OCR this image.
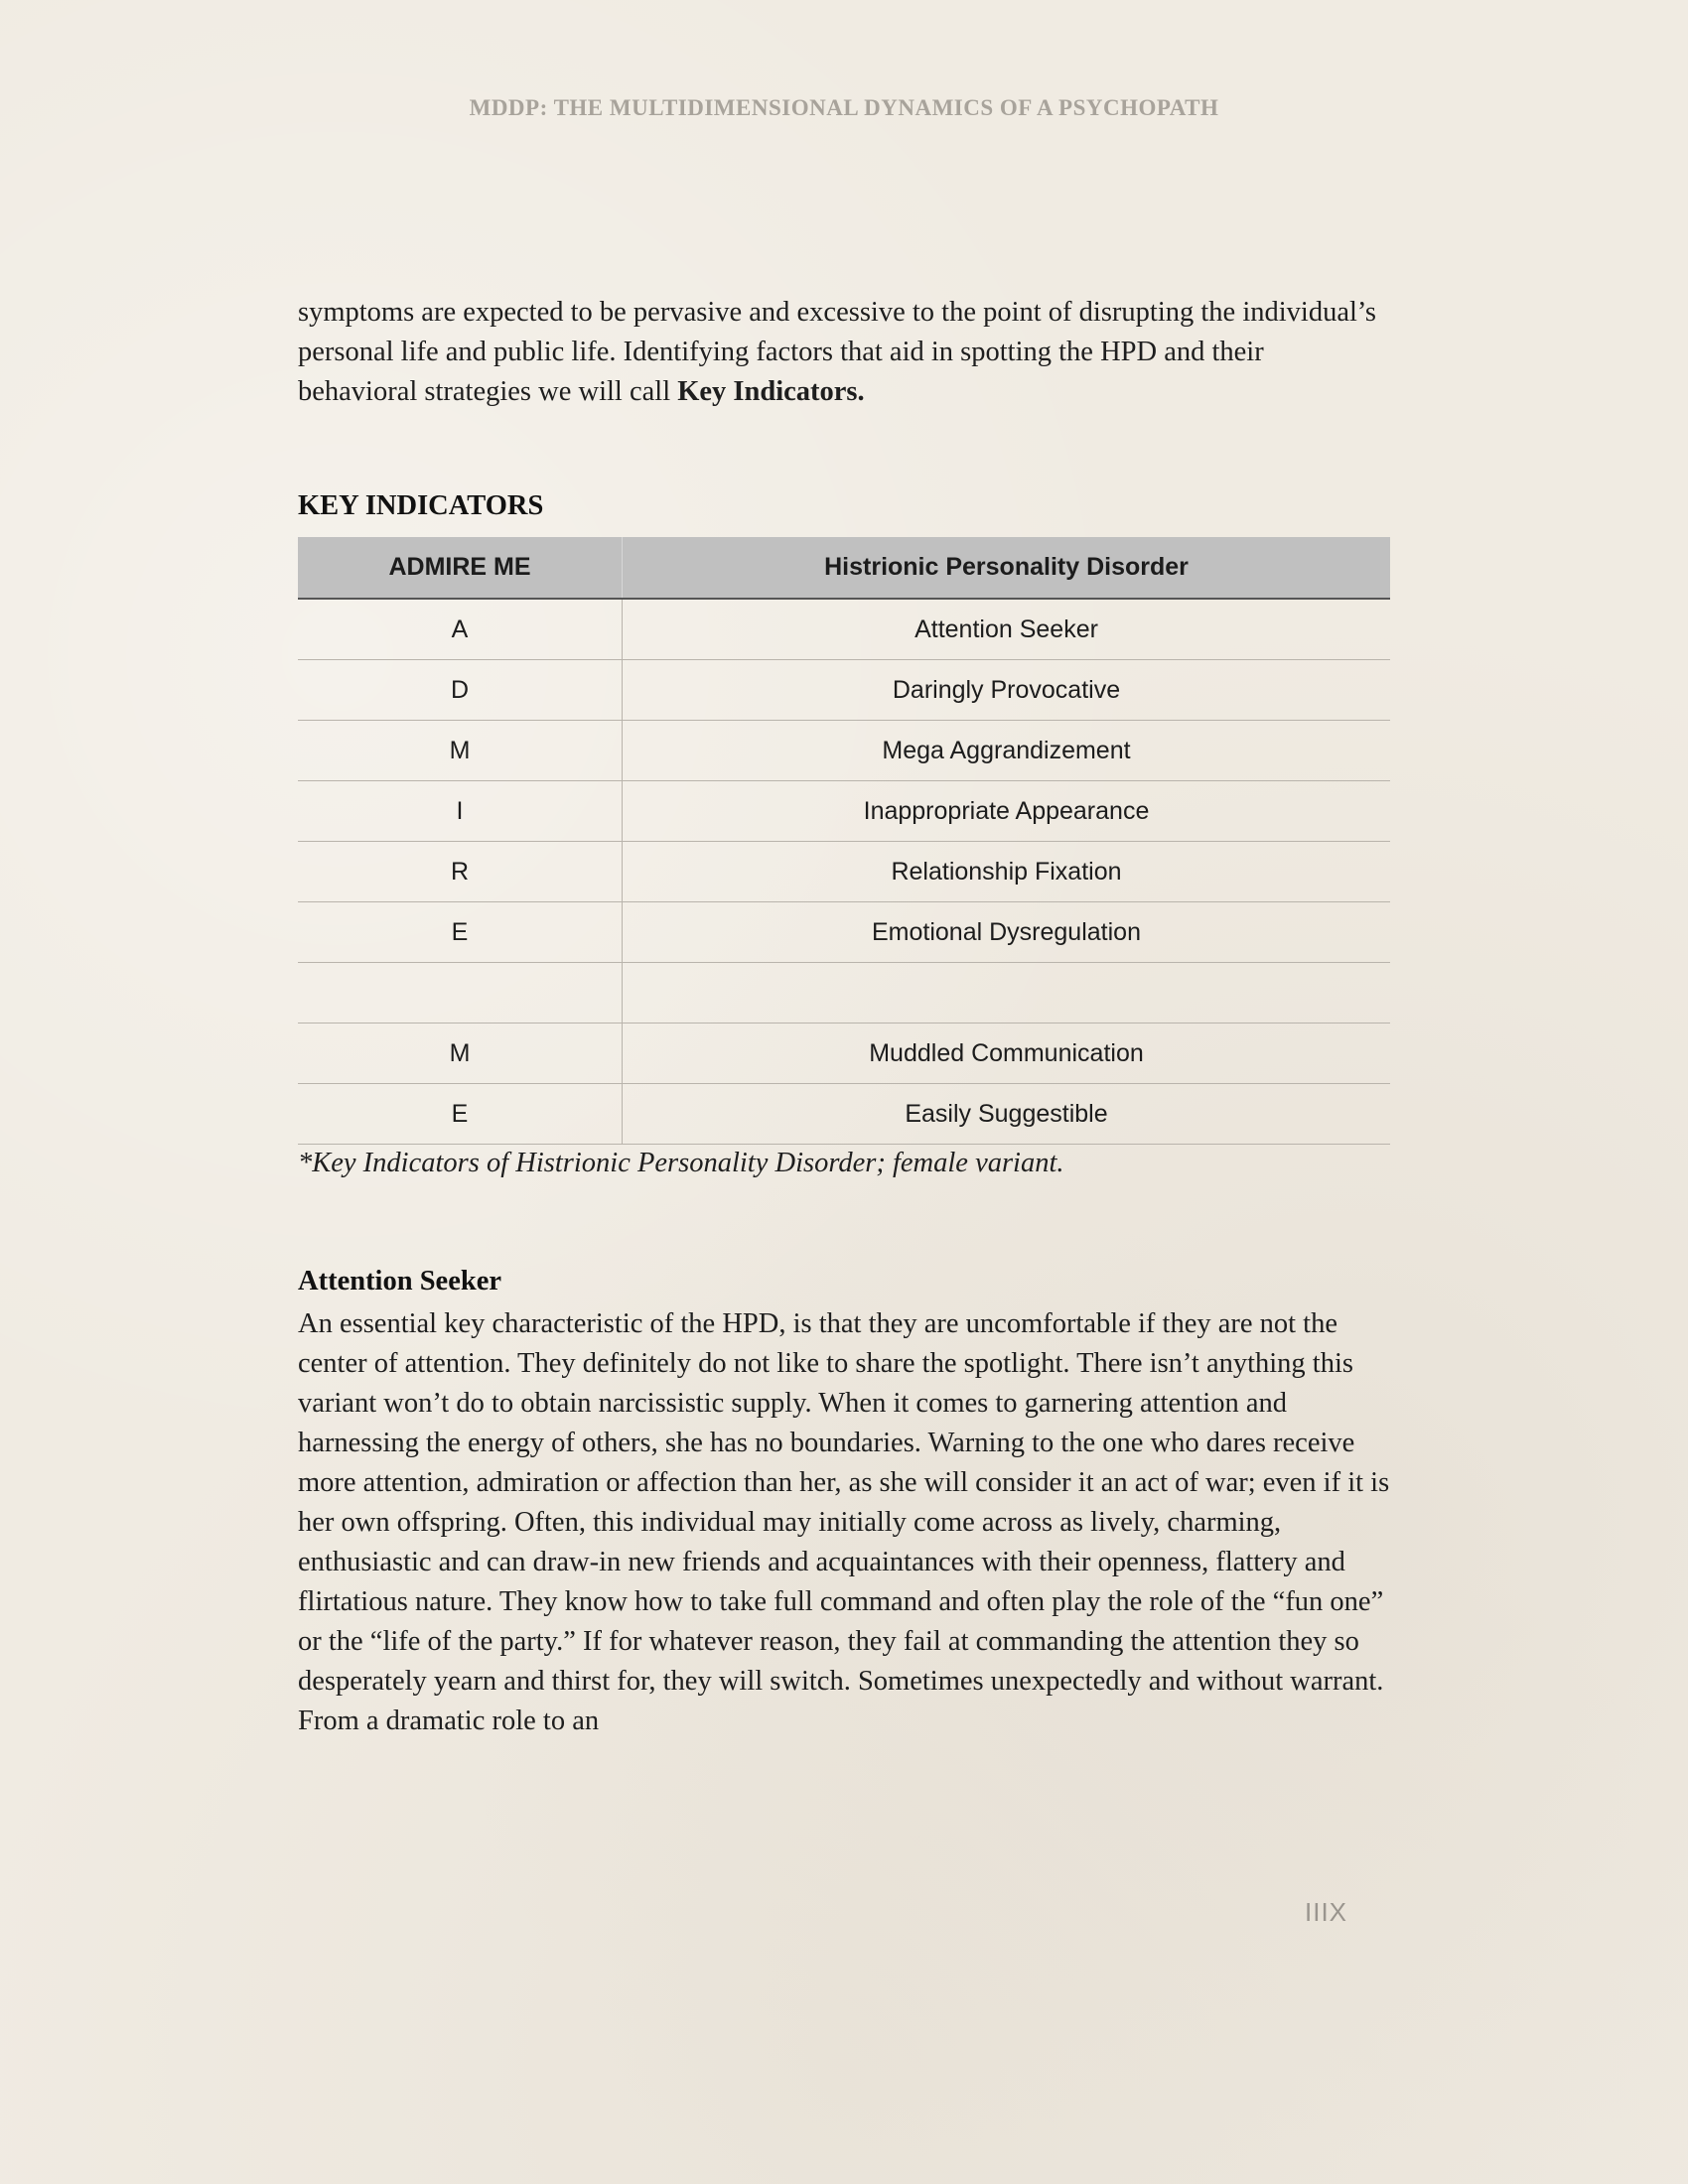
MDDP: THE MULTIDIMENSIONAL DYNAMICS OF A PSYCHOPATH

symptoms are expected to be pervasive and excessive to the point of disrupting the individual’s personal life and public life. Identifying factors that aid in spotting the HPD and their behavioral strategies we will call Key Indicators.

KEY INDICATORS
ADMIRE ME	Histrionic Personality Disorder
A	Attention Seeker
D	Daringly Provocative
M	Mega Aggrandizement
I	Inappropriate Appearance
R	Relationship Fixation
E	Emotional Dysregulation

M	Muddled Communication
E	Easily Suggestible
*Key Indicators of Histrionic Personality Disorder; female variant.
Attention Seeker

An essential key characteristic of the HPD, is that they are uncomfortable if they are not the center of attention. They definitely do not like to share the spotlight. There isn’t anything this variant won’t do to obtain narcissistic supply. When it comes to garnering attention and harnessing the energy of others, she has no boundaries. Warning to the one who dares receive more attention, admiration or affection than her, as she will consider it an act of war; even if it is her own offspring. Often, this individual may initially come across as lively, charming, enthusiastic and can draw-in new friends and acquaintances with their openness, flattery and flirtatious nature. They know how to take full command and often play the role of the “fun one” or the “life of the party.” If for whatever reason, they fail at commanding the attention they so desperately yearn and thirst for, they will switch. Sometimes unexpectedly and without warrant. From a dramatic role to an

IIIX
